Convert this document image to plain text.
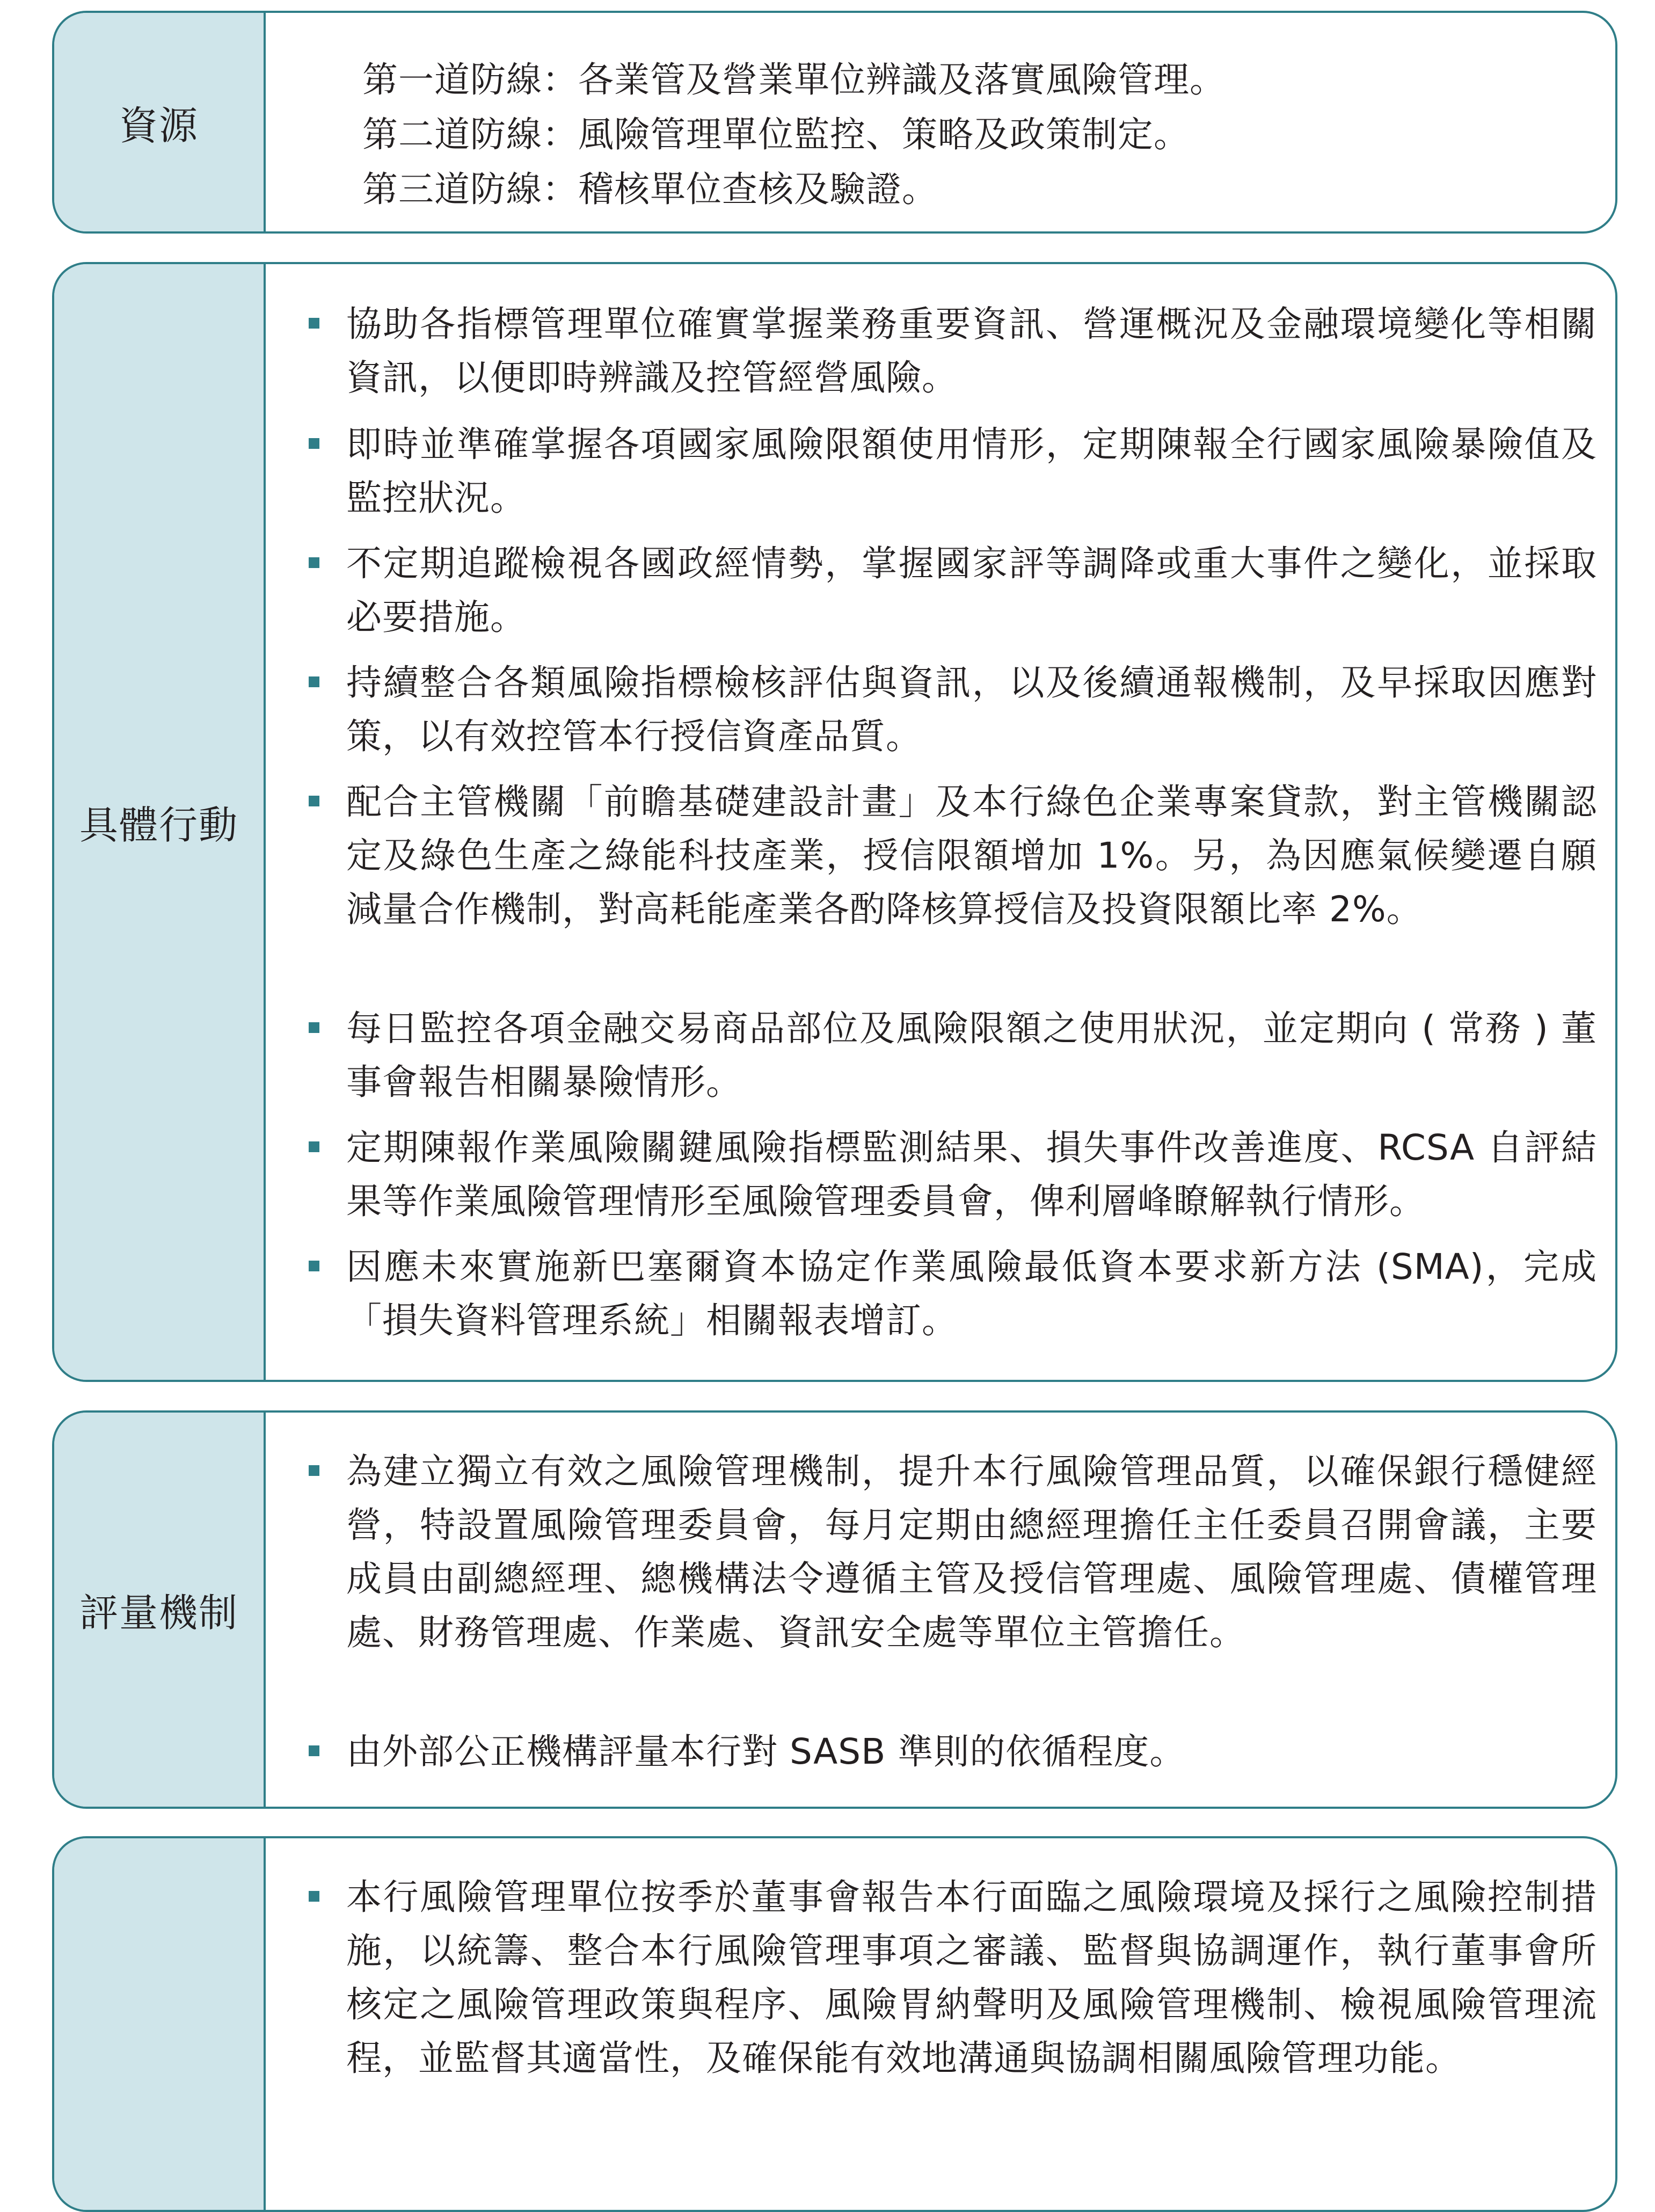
資源
第一道防線：各業管及營業單位辨識及落實風險管理。
第二道防線：風險管理單位監控、策略及政策制定。
第三道防線：稽核單位查核及驗證。
具體行動
協助各指標管理單位確實掌握業務重要資訊、營運概況及金融環境變化等相關資訊，以便即時辨識及控管經營風險。
即時並準確掌握各項國家風險限額使用情形，定期陳報全行國家風險暴險值及監控狀況。
不定期追蹤檢視各國政經情勢，掌握國家評等調降或重大事件之變化，並採取必要措施。
持續整合各類風險指標檢核評估與資訊，以及後續通報機制，及早採取因應對策，以有效控管本行授信資產品質。
配合主管機關「前瞻基礎建設計畫」及本行綠色企業專案貸款，對主管機關認定及綠色生產之綠能科技產業，授信限額增加 1%。另，為因應氣候變遷自願減量合作機制，對高耗能產業各酌降核算授信及投資限額比率 2%。
每日監控各項金融交易商品部位及風險限額之使用狀況，並定期向 ( 常務 ) 董事會報告相關暴險情形。
定期陳報作業風險關鍵風險指標監測結果、損失事件改善進度、RCSA 自評結果等作業風險管理情形至風險管理委員會，俾利層峰瞭解執行情形。
因應未來實施新巴塞爾資本協定作業風險最低資本要求新方法 (SMA)，完成「損失資料管理系統」相關報表增訂。
評量機制
為建立獨立有效之風險管理機制，提升本行風險管理品質，以確保銀行穩健經營，特設置風險管理委員會，每月定期由總經理擔任主任委員召開會議，主要成員由副總經理、總機構法令遵循主管及授信管理處、風險管理處、債權管理處、財務管理處、作業處、資訊安全處等單位主管擔任。
由外部公正機構評量本行對 SASB 準則的依循程度。
本行風險管理單位按季於董事會報告本行面臨之風險環境及採行之風險控制措施，以統籌、整合本行風險管理事項之審議、監督與協調運作，執行董事會所核定之風險管理政策與程序、風險胃納聲明及風險管理機制、檢視風險管理流程，並監督其適當性，及確保能有效地溝通與協調相關風險管理功能。
